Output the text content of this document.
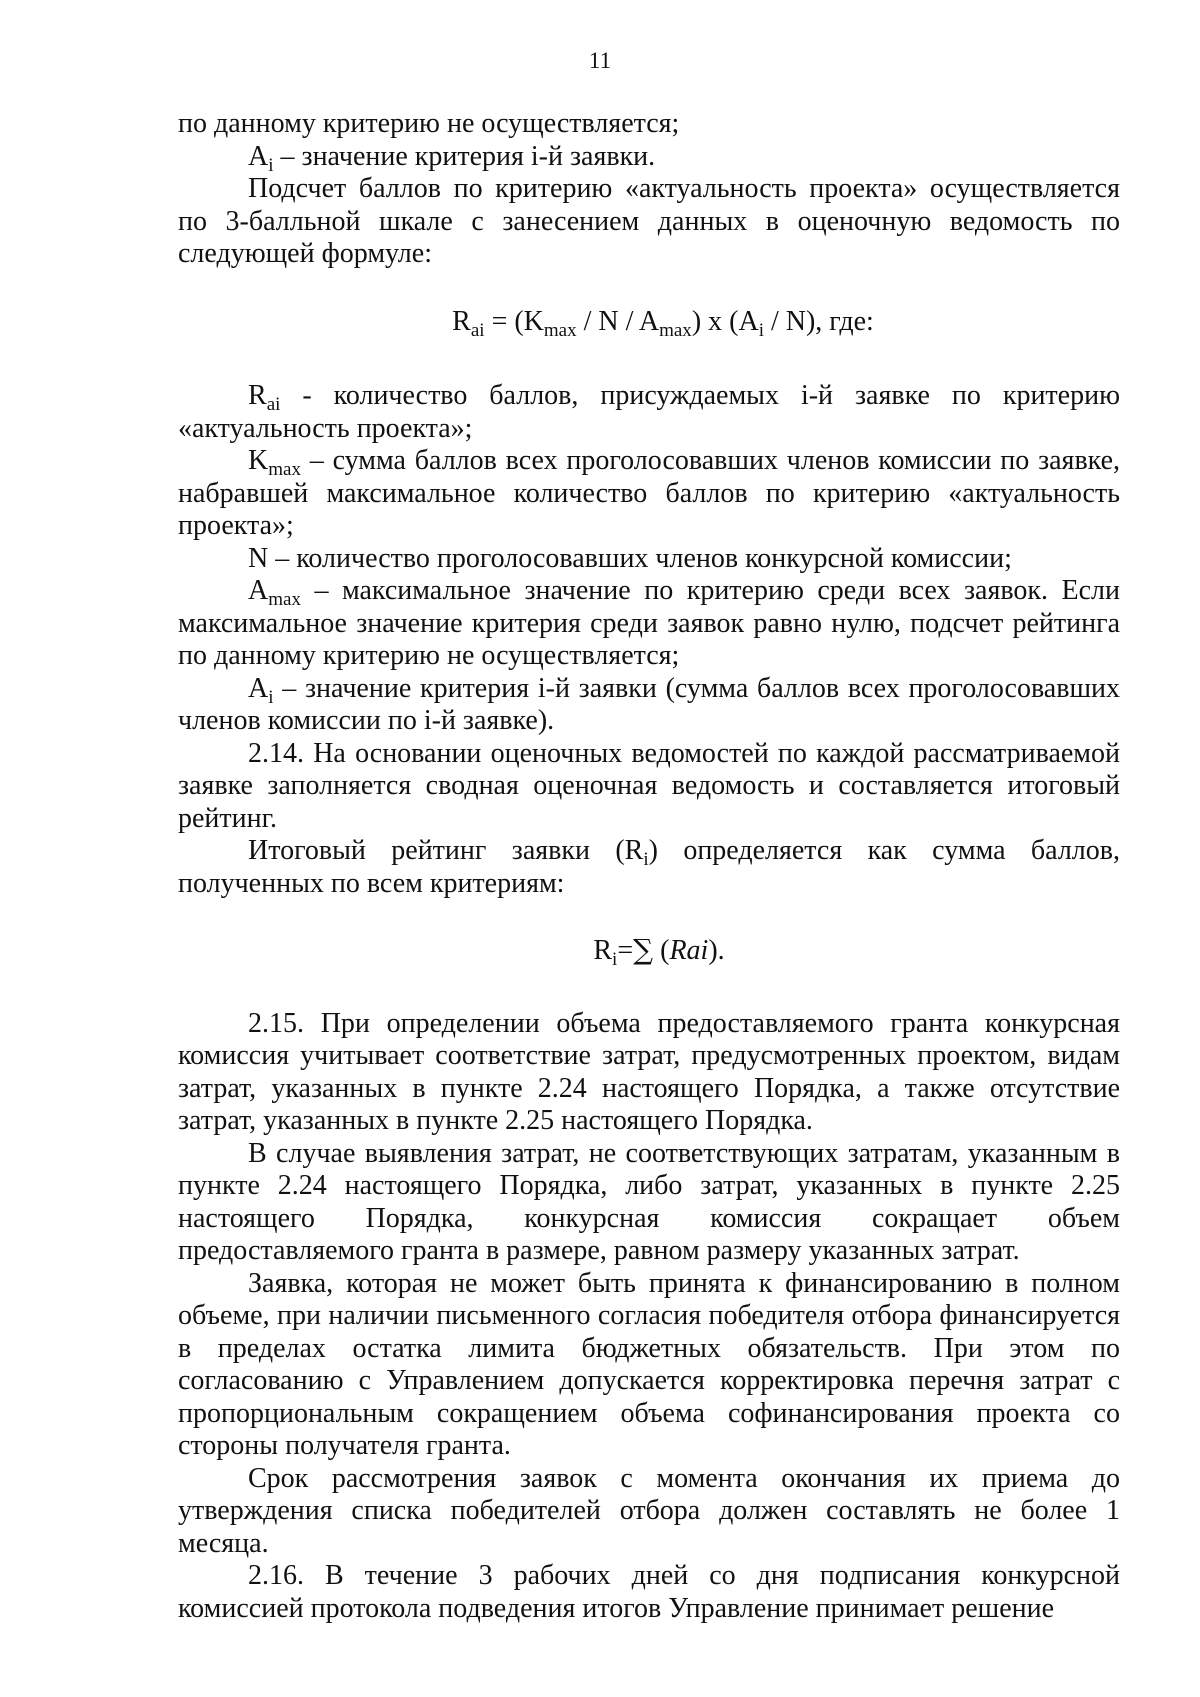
11

по данному критерию не осуществляется;

$A_i$ – значение критерия i-й заявки.

Подсчет баллов по критерию «актуальность проекта» осуществляется по 3-балльной шкале с занесением данных в оценочную ведомость по следующей формуле:

$R_{ai} = (K_{max} / N / A_{max})$ x $(A_i / N)$, где:

$R_{ai}$ - количество баллов, присуждаемых i-й заявке по критерию «актуальность проекта»;

$K_{max}$ – сумма баллов всех проголосовавших членов комиссии по заявке, набравшей максимальное количество баллов по критерию «актуальность проекта»;

N – количество проголосовавших членов конкурсной комиссии;

$A_{max}$ – максимальное значение по критерию среди всех заявок. Если максимальное значение критерия среди заявок равно нулю, подсчет рейтинга по данному критерию не осуществляется;

$A_i$ – значение критерия i-й заявки (сумма баллов всех проголосовавших членов комиссии по i-й заявке).

2.14. На основании оценочных ведомостей по каждой рассматриваемой заявке заполняется сводная оценочная ведомость и составляется итоговый рейтинг.

Итоговый рейтинг заявки $(R_i)$ определяется как сумма баллов, полученных по всем критериям:

$R_i=\sum$ (Rai).

2.15. При определении объема предоставляемого гранта конкурсная комиссия учитывает соответствие затрат, предусмотренных проектом, видам затрат, указанных в пункте 2.24 настоящего Порядка, а также отсутствие затрат, указанных в пункте 2.25 настоящего Порядка.

В случае выявления затрат, не соответствующих затратам, указанным в пункте 2.24 настоящего Порядка, либо затрат, указанных в пункте 2.25 настоящего Порядка, конкурсная комиссия сокращает объем предоставляемого гранта в размере, равном размеру указанных затрат.

Заявка, которая не может быть принята к финансированию в полном объеме, при наличии письменного согласия победителя отбора финансируется в пределах остатка лимита бюджетных обязательств. При этом по согласованию с Управлением допускается корректировка перечня затрат с пропорциональным сокращением объема софинансирования проекта со стороны получателя гранта.

Срок рассмотрения заявок с момента окончания их приема до утверждения списка победителей отбора должен составлять не более 1 месяца.

2.16. В течение 3 рабочих дней со дня подписания конкурсной комиссией протокола подведения итогов Управление принимает решение
